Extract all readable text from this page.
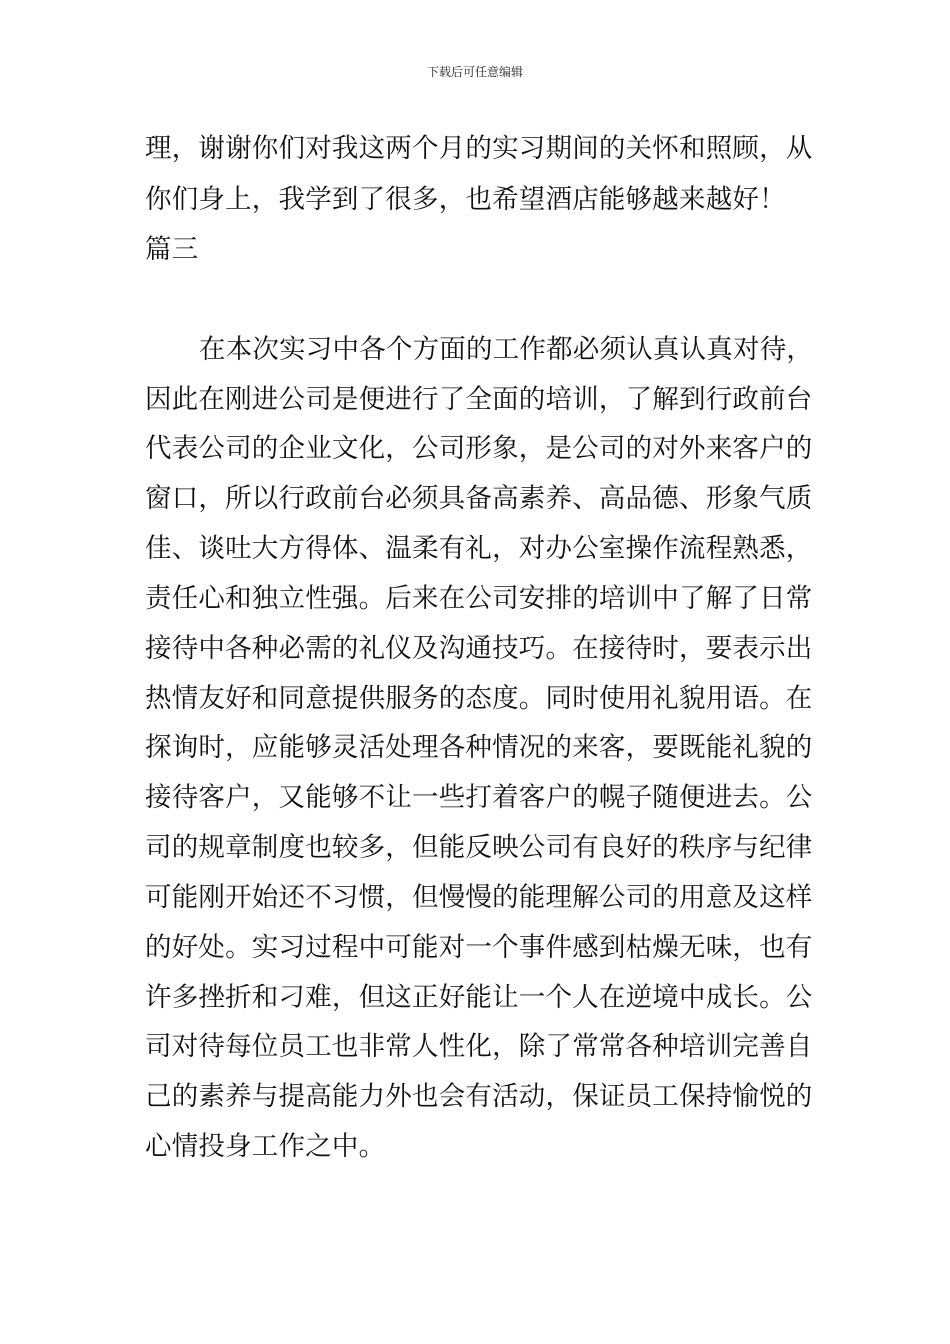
下载后可任意编辑
理，谢谢你们对我这两个月的实习期间的关怀和照顾，从
你们身上，我学到了很多，也希望酒店能够越来越好！
篇三
在本次实习中各个方面的工作都必须认真认真对待，
因此在刚进公司是便进行了全面的培训，了解到行政前台
代表公司的企业文化，公司形象，是公司的对外来客户的
窗口，所以行政前台必须具备高素养、高品德、形象气质
佳、谈吐大方得体、温柔有礼，对办公室操作流程熟悉，
责任心和独立性强。后来在公司安排的培训中了解了日常
接待中各种必需的礼仪及沟通技巧。在接待时，要表示出
热情友好和同意提供服务的态度。同时使用礼貌用语。在
探询时，应能够灵活处理各种情况的来客，要既能礼貌的
接待客户，又能够不让一些打着客户的幌子随便进去。公
司的规章制度也较多，但能反映公司有良好的秩序与纪律
可能刚开始还不习惯，但慢慢的能理解公司的用意及这样
的好处。实习过程中可能对一个事件感到枯燥无味，也有
许多挫折和刁难，但这正好能让一个人在逆境中成长。公
司对待每位员工也非常人性化，除了常常各种培训完善自
己的素养与提高能力外也会有活动，保证员工保持愉悦的
心情投身工作之中。
